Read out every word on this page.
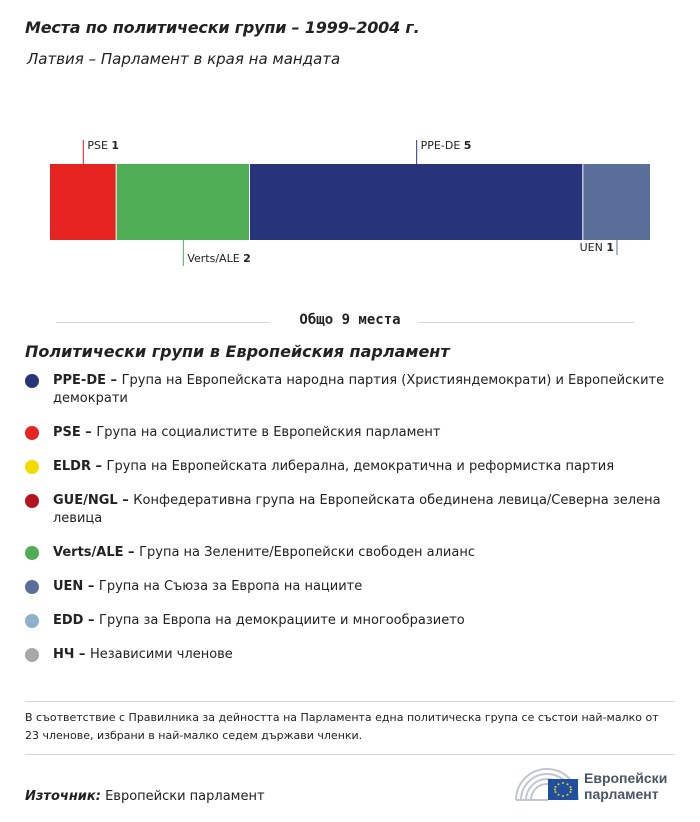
Места по политически групи – 1999–2004 г.
Латвия – Парламент в края на мандата
PSE 1
Verts/ALE 2
PPE-DE 5
UEN 1
Общо 9 места
Политически групи в Европейския парламент
PPE-DE – Група на Европейската народна партия (Християндемократи) и Европейските демократи
PSE – Група на социалистите в Европейския парламент
ELDR – Група на Европейската либерална, демократична и реформистка партия
GUE/NGL – Конфедеративна група на Европейската обединена левица/Северна зелена левица
Verts/ALE – Група на Зелените/Европейски свободен алианс
UEN – Група на Съюза за Европа на нациите
EDD – Група за Европа на демокрациите и многообразието
НЧ – Независими членове
В съответствие с Правилника за дейността на Парламента една политическа група се състои най-малко от 23 членове, избрани в най-малко седем държави членки.
Източник: Европейски парламент
Европейски
парламент
